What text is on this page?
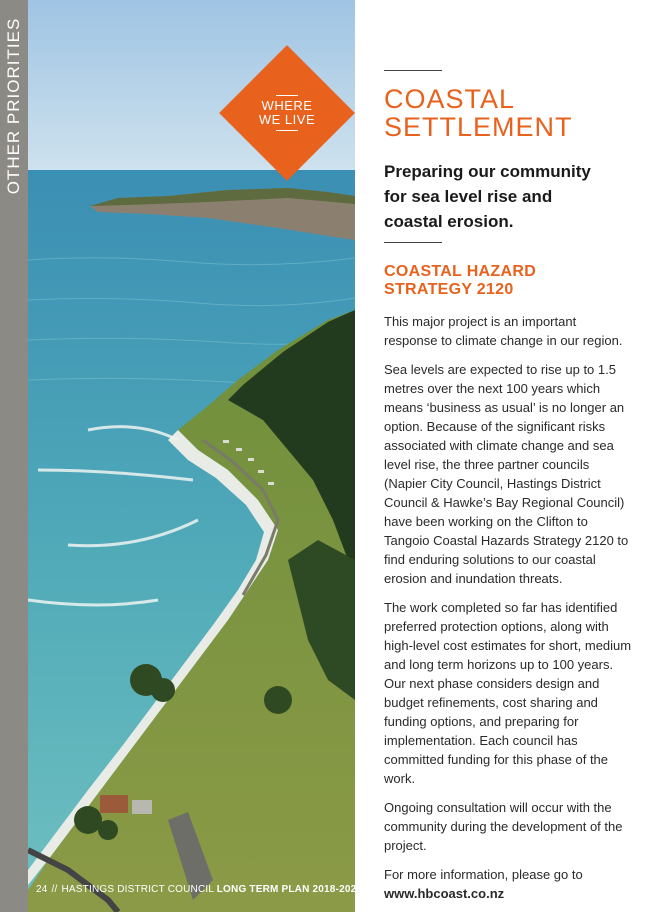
OTHER PRIORITIES	WHERE
WE LIVE
24 // HASTINGS DISTRICT COUNCIL LONG TERM PLAN 2018-2028
COASTAL
SETTLEMENT
Preparing our community
for sea level rise and
coastal erosion.
COASTAL HAZARD
STRATEGY 2120

This major project is an important response to climate change in our region.

Sea levels are expected to rise up to 1.5 metres over the next 100 years which means ‘business as usual’ is no longer an option. Because of the significant risks associated with climate change and sea level rise, the three partner councils (Napier City Council, Hastings District Council & Hawke’s Bay Regional Council) have been working on the Clifton to Tangoio Coastal Hazards Strategy 2120 to find enduring solutions to our coastal erosion and inundation threats.

The work completed so far has identified preferred protection options, along with high-level cost estimates for short, medium and long term horizons up to 100 years. Our next phase considers design and budget refinements, cost sharing and funding options, and preparing for implementation. Each council has committed funding for this phase of the work.

Ongoing consultation will occur with the community during the development of the project.

For more information, please go to
www.hbcoast.co.nz
